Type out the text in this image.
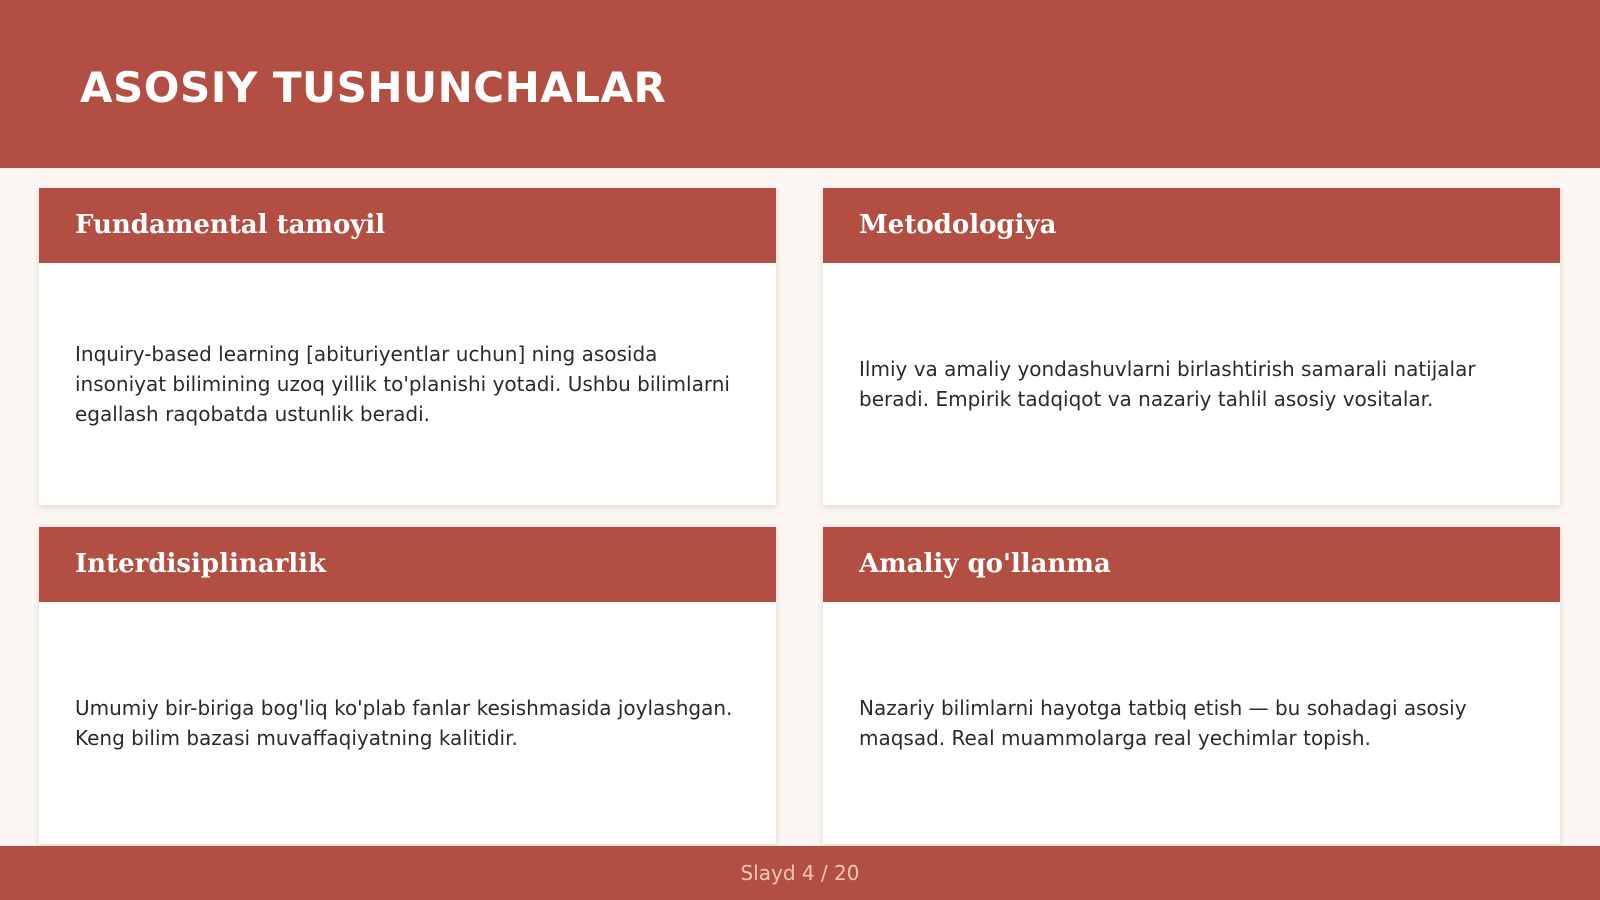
ASOSIY TUSHUNCHALAR
Fundamental tamoyil

Inquiry-based learning [abituriyentlar uchun] ning asosida insoniyat bilimining uzoq yillik to'planishi yotadi. Ushbu bilimlarni egallash raqobatda ustunlik beradi.

Metodologiya

Ilmiy va amaliy yondashuvlarni birlashtirish samarali natijalar beradi. Empirik tadqiqot va nazariy tahlil asosiy vositalar.

Interdisiplinarlik

Umumiy bir-biriga bog'liq ko'plab fanlar kesishmasida joylashgan. Keng bilim bazasi muvaffaqiyatning kalitidir.

Amaliy qo'llanma

Nazariy bilimlarni hayotga tatbiq etish — bu sohadagi asosiy maqsad. Real muammolarga real yechimlar topish.

Slayd 4 / 20
